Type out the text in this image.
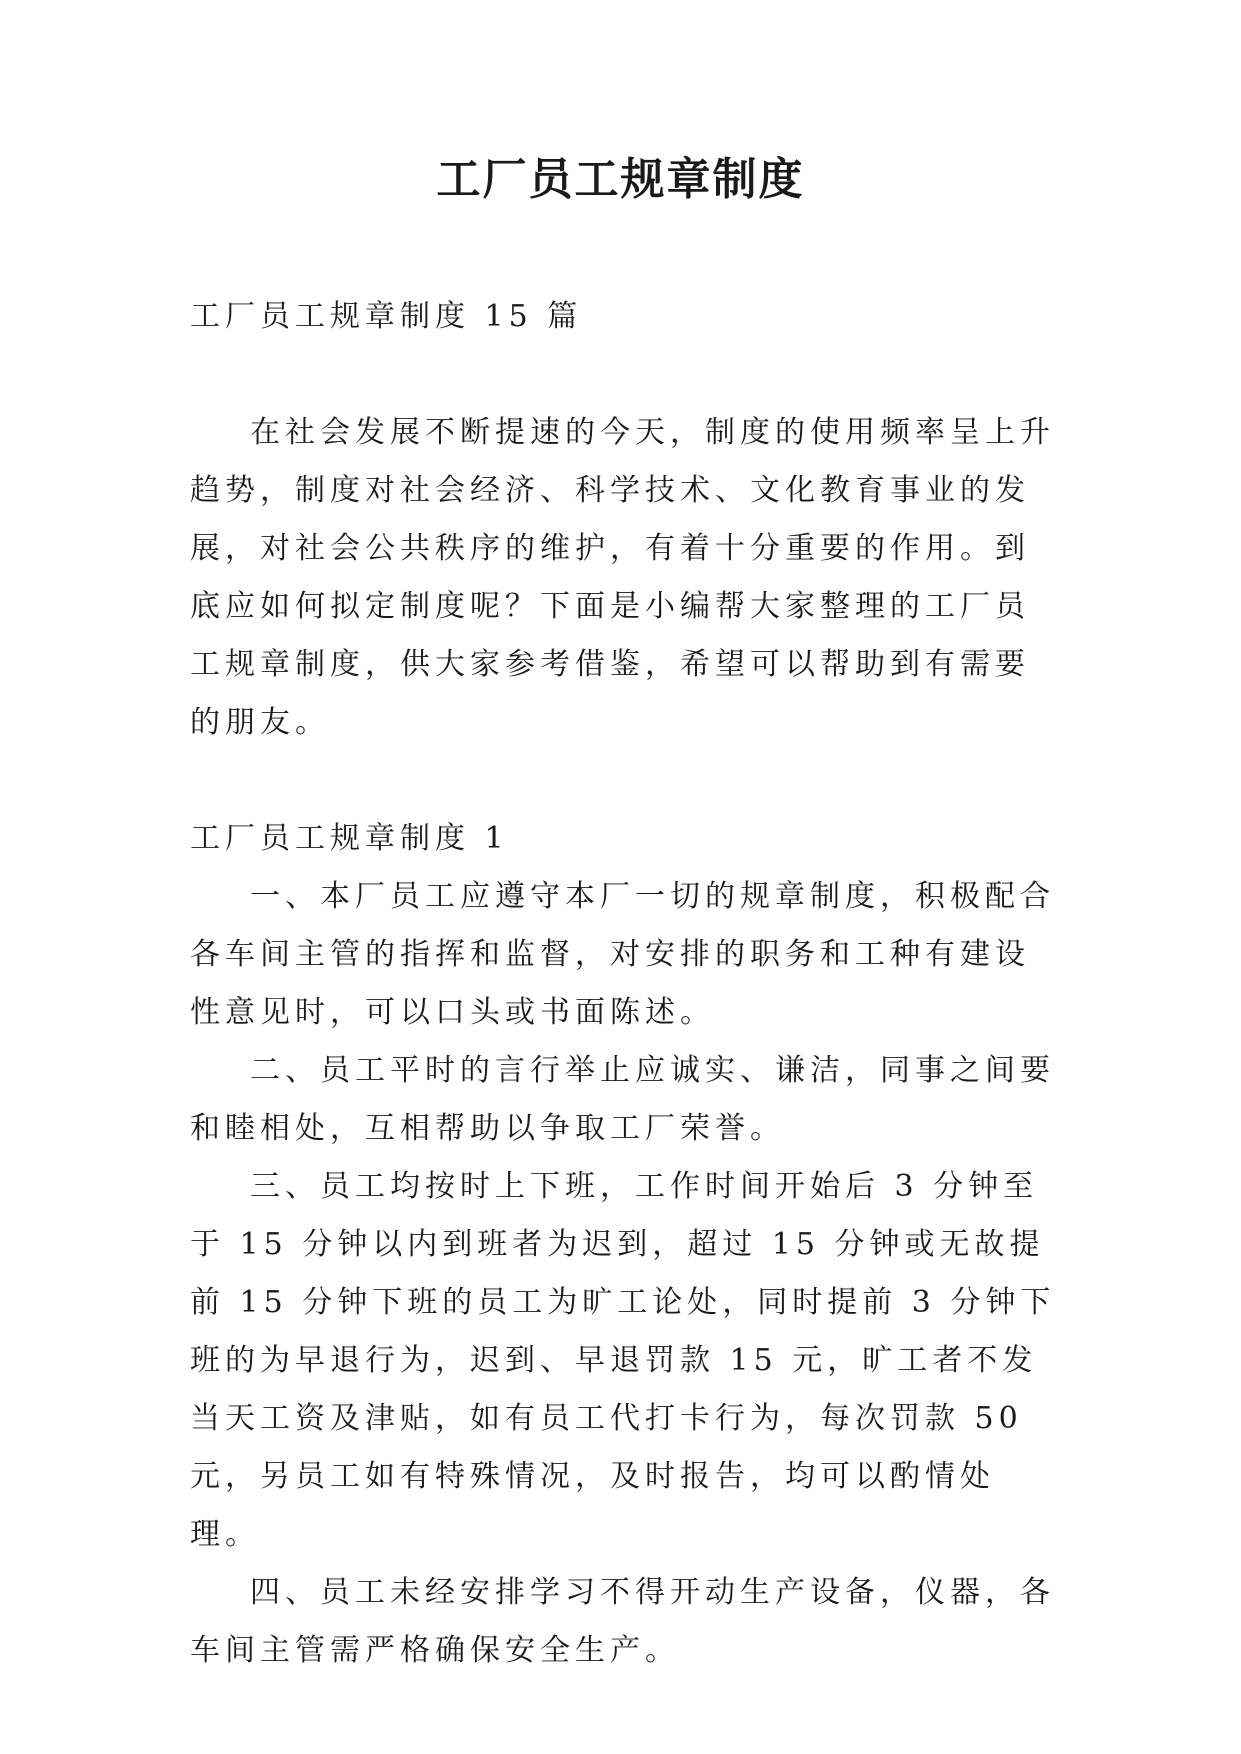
工厂员工规章制度

工厂员工规章制度 15 篇

在社会发展不断提速的今天，制度的使用频率呈上升趋势，制度对社会经济、科学技术、文化教育事业的发展，对社会公共秩序的维护，有着十分重要的作用。到底应如何拟定制度呢？下面是小编帮大家整理的工厂员工规章制度，供大家参考借鉴，希望可以帮助到有需要的朋友。

工厂员工规章制度 1

一、本厂员工应遵守本厂一切的规章制度，积极配合各车间主管的指挥和监督，对安排的职务和工种有建设性意见时，可以口头或书面陈述。

二、员工平时的言行举止应诚实、谦洁，同事之间要和睦相处，互相帮助以争取工厂荣誉。

三、员工均按时上下班，工作时间开始后 3 分钟至于 15 分钟以内到班者为迟到，超过 15 分钟或无故提前 15 分钟下班的员工为旷工论处，同时提前 3 分钟下班的为早退行为，迟到、早退罚款 15 元，旷工者不发当天工资及津贴，如有员工代打卡行为，每次罚款 50 元，另员工如有特殊情况，及时报告，均可以酌情处理。

四、员工未经安排学习不得开动生产设备，仪器，各车间主管需严格确保安全生产。
